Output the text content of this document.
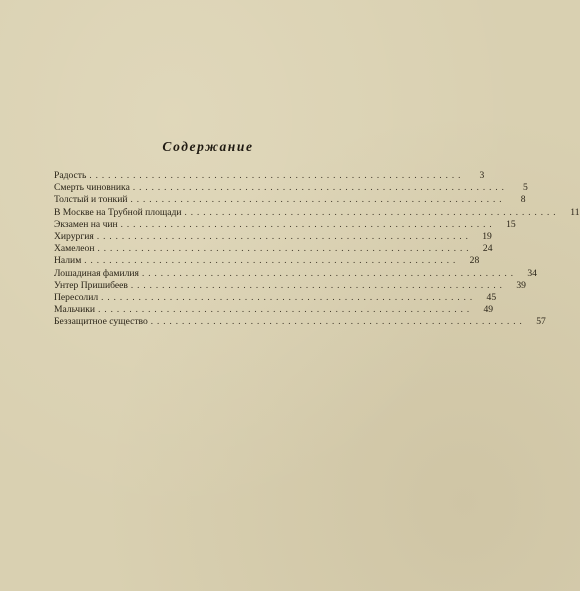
Содержание
Радость ............................................................	3
Смерть чиновника ............................................................	5
Толстый и тонкий ............................................................	8
В Москве на Трубной площади ............................................................	11
Экзамен на чин ............................................................	15
Хирургия ............................................................	19
Хамелеон ............................................................	24
Налим ............................................................	28
Лошадиная фамилия ............................................................	34
Унтер Пришибеев ............................................................	39
Пересолил ............................................................	45
Мальчики ............................................................	49
Беззащитное существо ............................................................	57
